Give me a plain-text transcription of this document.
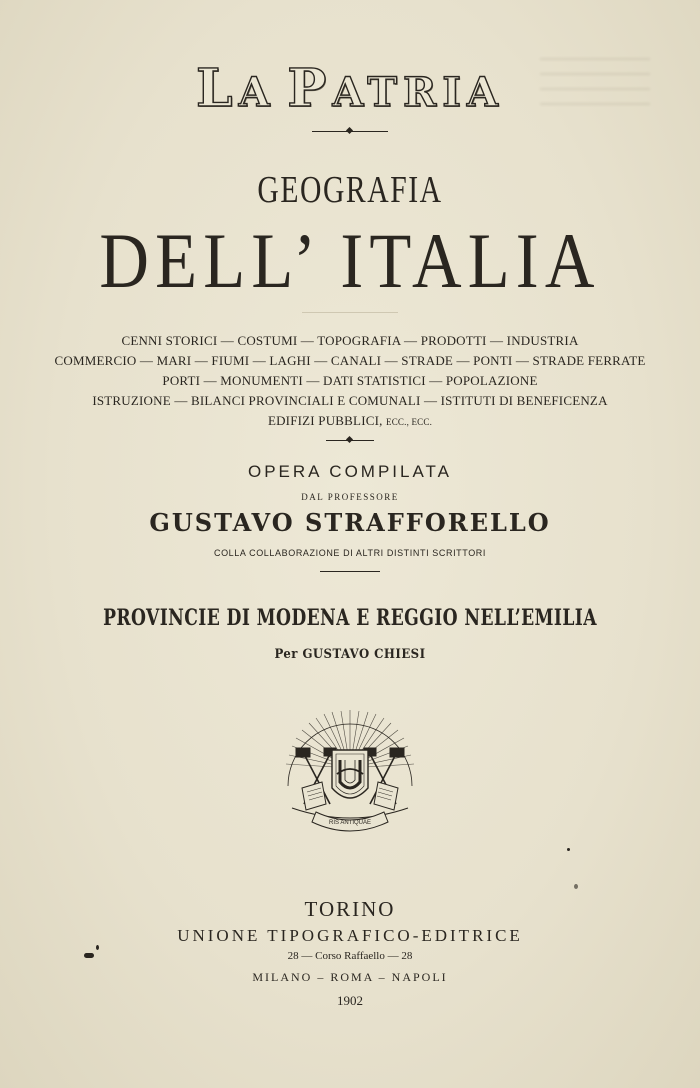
LA PATRIA
GEOGRAFIA
DELL’ ITALIA
CENNI STORICI — COSTUMI — TOPOGRAFIA — PRODOTTI — INDUSTRIA
COMMERCIO — MARI — FIUMI — LAGHI — CANALI — STRADE — PONTI — STRADE FERRATE
PORTI — MONUMENTI — DATI STATISTICI — POPOLAZIONE
ISTRUZIONE — BILANCI PROVINCIALI E COMUNALI — ISTITUTI DI BENEFICENZA
EDIFIZI PUBBLICI, ECC., ECC.
OPERA COMPILATA
DAL PROFESSORE
GUSTAVO STRAFFORELLO
COLLA COLLABORAZIONE DI ALTRI DISTINTI SCRITTORI
PROVINCIE DI MODENA E REGGIO NELL’EMILIA
Per GUSTAVO CHIESI
RIS ANTIQUAE
TORINO
UNIONE TIPOGRAFICO-EDITRICE
28 — Corso Raffaello — 28
MILANO – ROMA – NAPOLI
1902
